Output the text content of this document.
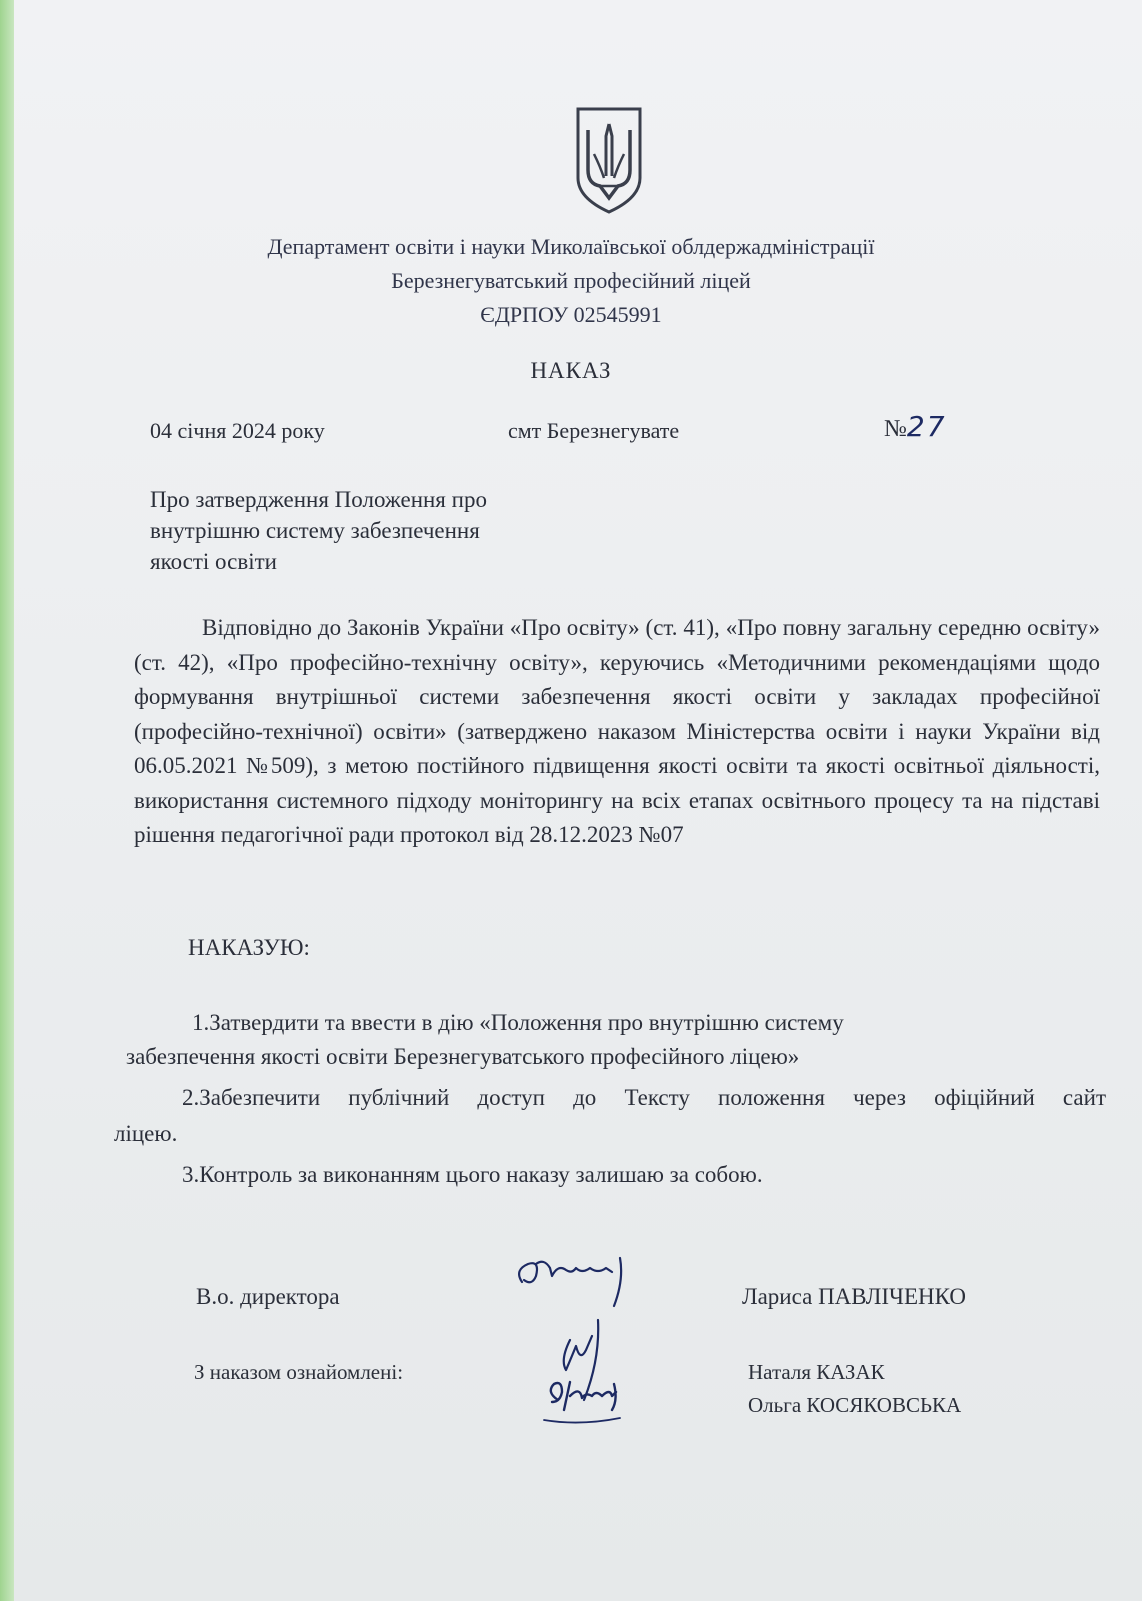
Департамент освіти і науки Миколаївської облдержадміністрації
Березнегуватський професійний ліцей
ЄДРПОУ 02545991
НАКАЗ
04 січня 2024 року	смт Березнегувате	№27
Про затвердження Положення про
внутрішню систему забезпечення
якості освіти
Відповідно до Законів України «Про освіту» (ст. 41), «Про повну загальну середню освіту» (ст. 42), «Про професійно-технічну освіту», керуючись «Методичними рекомендаціями щодо формування внутрішньої системи забезпечення якості освіти у закладах професійної (професійно-технічної) освіти» (затверджено наказом Міністерства освіти і науки України від 06.05.2021 №509), з метою постійного підвищення якості освіти та якості освітньої діяльності, використання системного підходу моніторингу на всіх етапах освітнього процесу та на підставі рішення педагогічної ради протокол від 28.12.2023 №07
НАКАЗУЮ:
1.Затвердити та ввести в дію «Положення про внутрішню систему
забезпечення якості освіти Березнегуватського професійного ліцею»
2.Забезпечити публічний доступ до Тексту положення через офіційний сайт
ліцею.
3.Контроль за виконанням цього наказу залишаю за собою.
В.о. директора	Лариса ПАВЛІЧЕНКО
З наказом ознайомлені:	Наталя КАЗАК
Ольга КОСЯКОВСЬКА
